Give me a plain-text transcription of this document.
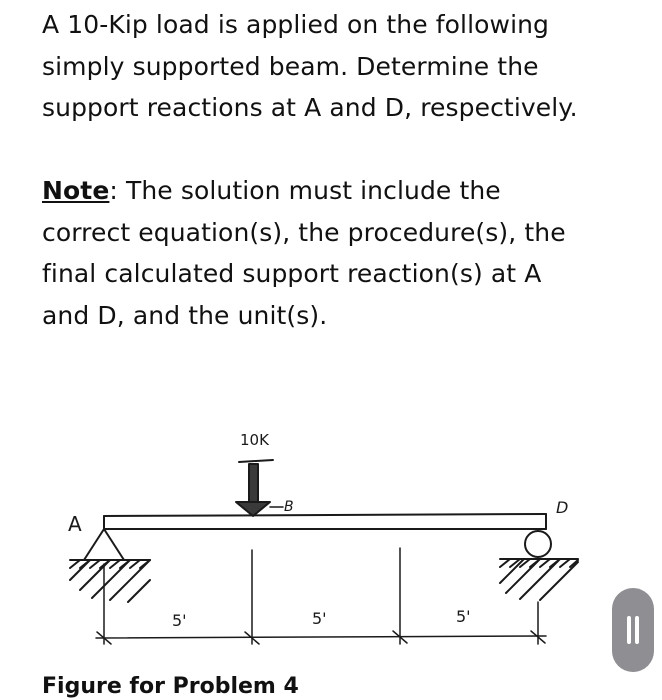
A 10-Kip load is applied on the following
simply supported beam. Determine the
support reactions at A and D, respectively.
Note: The solution must include the
correct equation(s), the procedure(s), the
final calculated support reaction(s) at A
and D, and the unit(s).
10K
B
A
D
5'	5'	5'
Figure for Problem 4
